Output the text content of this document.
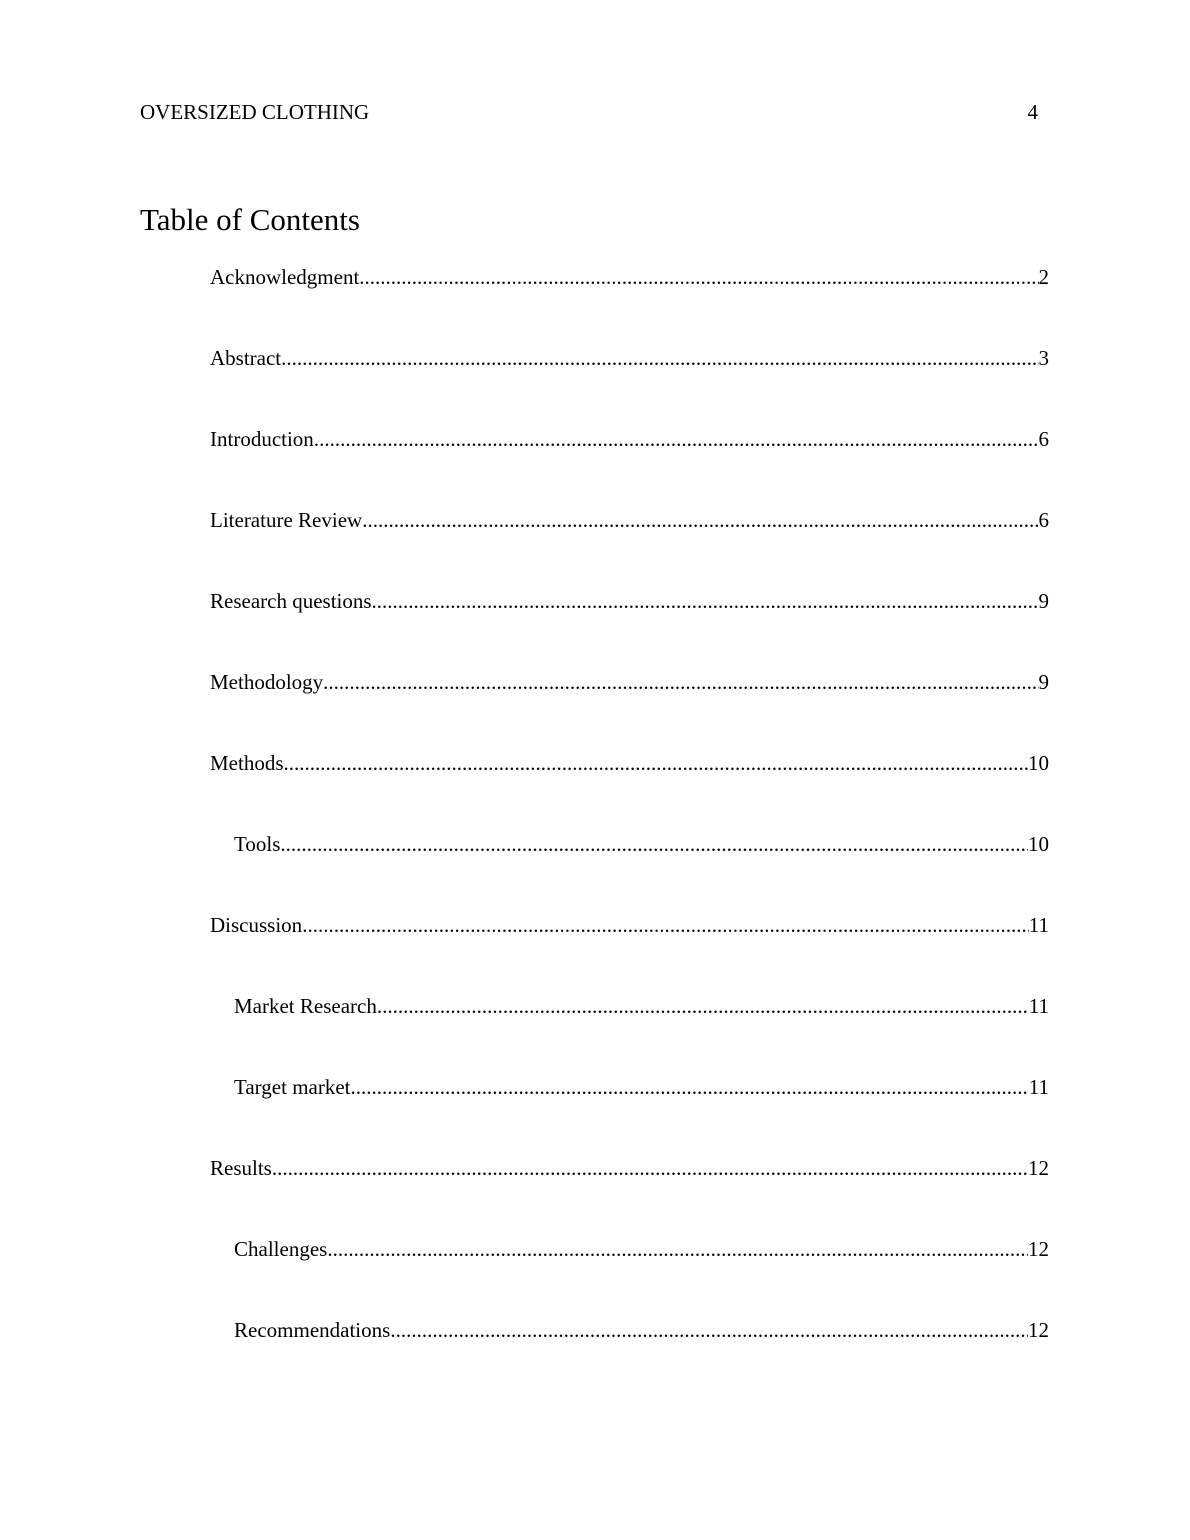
OVERSIZED CLOTHING	4
Table of Contents
Acknowledgment .....	2
Abstract .....	3
Introduction .....	6
Literature Review .....	6
Research questions .....	9
Methodology .....	9
Methods .....	10
Tools .....	10
Discussion .....	11
Market Research .....	11
Target market .....	11
Results .....	12
Challenges .....	12
Recommendations .....	12
